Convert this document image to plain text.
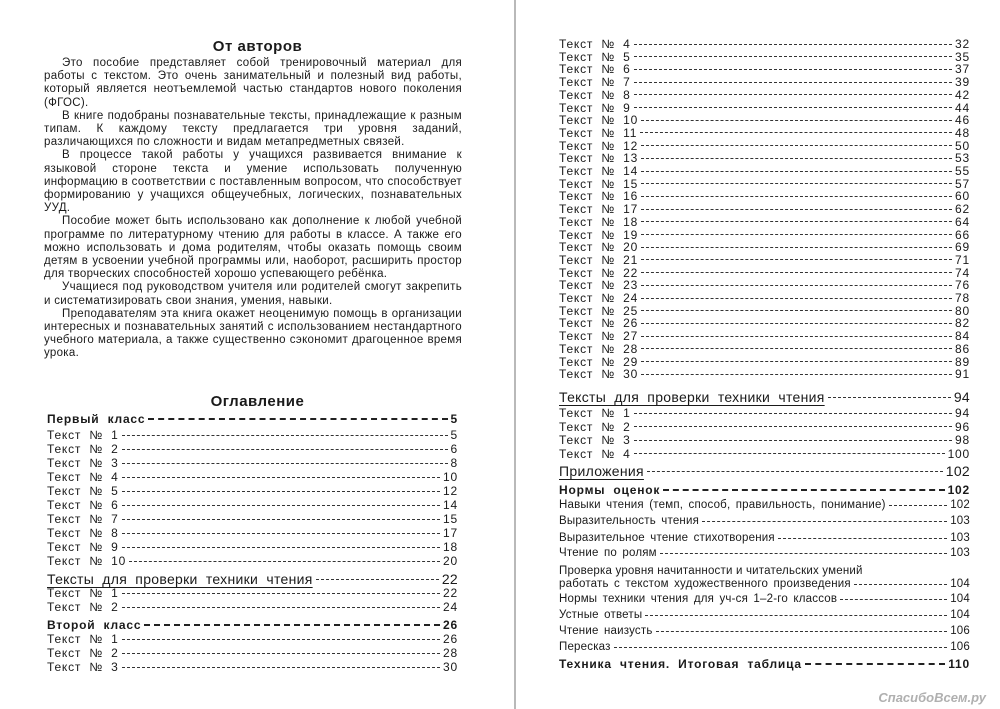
От авторов

Это пособие представляет собой тренировочный материал для работы с текстом. Это очень занимательный и полезный вид работы, который является неотъемлемой частью стандартов нового поколения (ФГОС).

В книге подобраны познавательные тексты, принадлежащие к разным типам. К каждому тексту предлагается три уровня заданий, различающихся по сложности и видам метапредметных связей.

В процессе такой работы у учащихся развивается внимание к языковой стороне текста и умение использовать полученную информацию в соответствии с поставленным вопросом, что способствует формированию у учащихся общеучебных, логических, познавательных УУД.

Пособие может быть использовано как дополнение к любой учебной программе по литературному чтению для работы в классе. А также его можно использовать и дома родителям, чтобы оказать помощь своим детям в усвоении учебной программы или, наоборот, расширить простор для творческих способностей хорошо успевающего ребёнка.

Учащиеся под руководством учителя или родителей смогут закрепить и систематизировать свои знания, умения, навыки.

Преподавателям эта книга окажет неоценимую помощь в организации интересных и познавательных занятий с использованием нестандартного учебного материала, а также существенно сэкономит драгоценное время урока.

Оглавление
Первый класс	5
Текст № 1	5
Текст № 2	6
Текст № 3	8
Текст № 4	10
Текст № 5	12
Текст № 6	14
Текст № 7	15
Текст № 8	17
Текст № 9	18
Текст № 10	20
Тексты для проверки техники чтения	22
Текст № 1	22
Текст № 2	24
Второй класс	26
Текст № 1	26
Текст № 2	28
Текст № 3	30
Текст № 4	32
Текст № 5	35
Текст № 6	37
Текст № 7	39
Текст № 8	42
Текст № 9	44
Текст № 10	46
Текст № 11	48
Текст № 12	50
Текст № 13	53
Текст № 14	55
Текст № 15	57
Текст № 16	60
Текст № 17	62
Текст № 18	64
Текст № 19	66
Текст № 20	69
Текст № 21	71
Текст № 22	74
Текст № 23	76
Текст № 24	78
Текст № 25	80
Текст № 26	82
Текст № 27	84
Текст № 28	86
Текст № 29	89
Текст № 30	91
Тексты для проверки техники чтения	94
Текст № 1	94
Текст № 2	96
Текст № 3	98
Текст № 4	100
Приложения	102
Нормы оценок	102
Навыки чтения (темп, способ, правильность, понимание)	102
Выразительность чтения	103
Выразительное чтение стихотворения	103
Чтение по ролям	103
Проверка уровня начитанности и читательских умений
работать с текстом художественного произведения	104
Нормы техники чтения для уч-ся 1–2-го классов	104
Устные ответы	104
Чтение наизусть	106
Пересказ	106
Техника чтения. Итоговая таблица	110
СпасибоВсем.ру
